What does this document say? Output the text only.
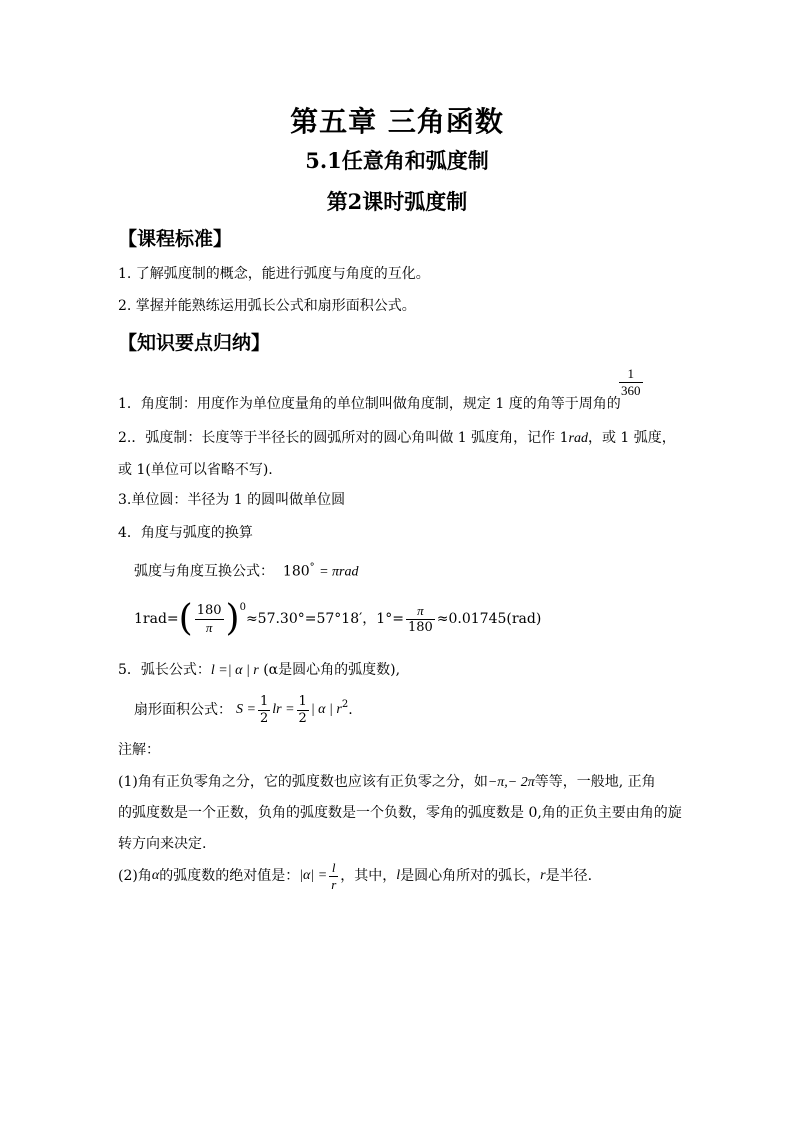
第五章 三角函数
5.1任意角和弧度制
第2课时弧度制
【课程标准】
1. 了解弧度制的概念，能进行弧度与角度的互化。
2. 掌握并能熟练运用弧长公式和扇形面积公式。
【知识要点归纳】
1．角度制：用度作为单位度量角的单位制叫做角度制，规定 1 度的角等于周角的
$\frac{1}{360}$
2.．弧度制：长度等于半径长的圆弧所对的圆心角叫做 1 弧度角，记作 1rad，或 1 弧度，
或 1(单位可以省略不写).
3.单位圆：半径为 1 的圆叫做单位圆
4．角度与弧度的换算
弧度与角度互换公式： 180° = πrad
1rad= ( $\frac{180}{\pi} )^0$
≈57.30°=57°18′，$1^\circ= \frac{\pi}{180} \approx 0.01745(rad)$
5．弧长公式：l =| α | r (α是圆心角的弧度数),
扇形面积公式： $S = \frac{1}{2}$ lr = $\frac{1}{2}$ | α | $r^2$ .
注解：
(1)角有正负零角之分，它的弧度数也应该有正负零之分，如−π,− 2π等等，一般地, 正角
的弧度数是一个正数，负角的弧度数是一个负数，零角的弧度数是 0,角的正负主要由角的旋
转方向来决定.
(2)角 α 的弧度数的绝对值是： $|\alpha| = \frac{l}{r}$ ，其中， l 是圆心角所对的弧长， r 是半径.
